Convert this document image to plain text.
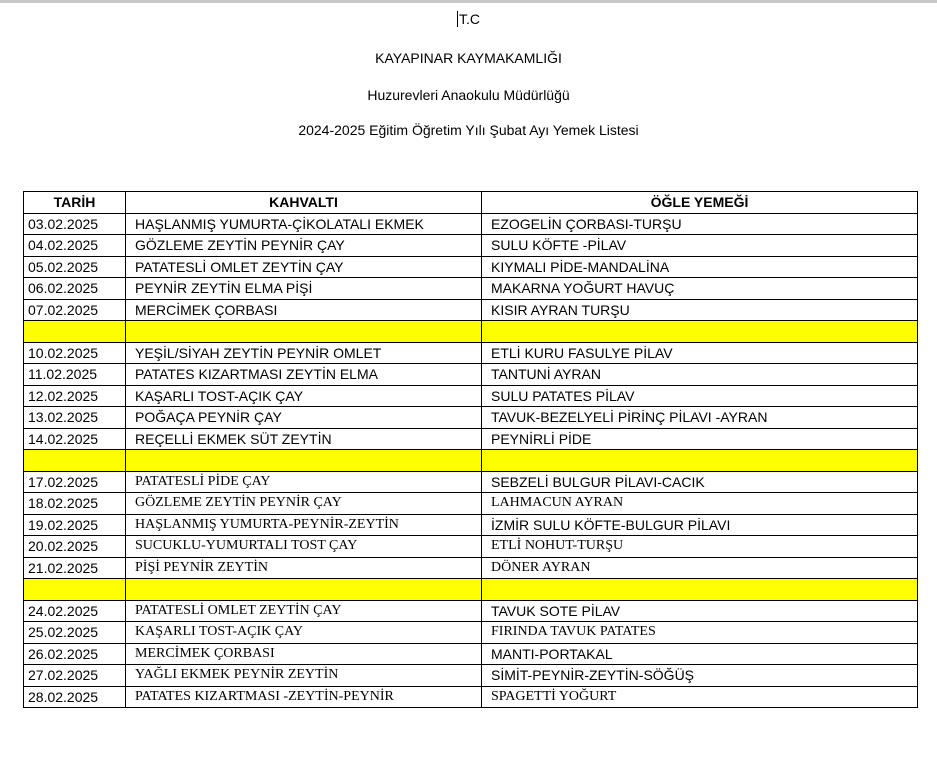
T.C
KAYAPINAR KAYMAKAMLIĞI
Huzurevleri Anaokulu Müdürlüğü
2024-2025 Eğitim Öğretim Yılı Şubat Ayı Yemek Listesi
TARİH	KAHVALTI	ÖĞLE YEMEĞİ
03.02.2025	HAŞLANMIŞ YUMURTA-ÇİKOLATALI EKMEK	EZOGELİN ÇORBASI-TURŞU
04.02.2025	GÖZLEME ZEYTİN PEYNİR ÇAY	SULU KÖFTE -PİLAV
05.02.2025	PATATESLİ OMLET ZEYTİN ÇAY	KIYMALI PİDE-MANDALİNA
06.02.2025	PEYNİR ZEYTİN ELMA PİŞİ	MAKARNA YOĞURT HAVUÇ
07.02.2025	MERCİMEK ÇORBASI	KISIR AYRAN TURŞU

10.02.2025	YEŞİL/SİYAH ZEYTİN PEYNİR OMLET	ETLİ KURU FASULYE PİLAV
11.02.2025	PATATES KIZARTMASI ZEYTİN ELMA	TANTUNİ AYRAN
12.02.2025	KAŞARLI TOST-AÇIK ÇAY	SULU PATATES PİLAV
13.02.2025	POĞAÇA PEYNİR ÇAY	TAVUK-BEZELYELİ PİRİNÇ PİLAVI -AYRAN
14.02.2025	REÇELLİ EKMEK SÜT ZEYTİN	PEYNİRLİ PİDE

17.02.2025	PATATESLİ PİDE ÇAY	SEBZELİ BULGUR PİLAVI-CACIK
18.02.2025	GÖZLEME ZEYTİN PEYNİR ÇAY	LAHMACUN AYRAN
19.02.2025	HAŞLANMIŞ YUMURTA-PEYNİR-ZEYTİN	İZMİR SULU KÖFTE-BULGUR PİLAVI
20.02.2025	SUCUKLU-YUMURTALI TOST ÇAY	ETLİ NOHUT-TURŞU
21.02.2025	PİŞİ PEYNİR ZEYTİN	DÖNER AYRAN

24.02.2025	PATATESLİ OMLET ZEYTİN ÇAY	TAVUK SOTE PİLAV
25.02.2025	KAŞARLI TOST-AÇIK ÇAY	FIRINDA TAVUK PATATES
26.02.2025	MERCİMEK ÇORBASI	MANTI-PORTAKAL
27.02.2025	YAĞLI EKMEK PEYNİR ZEYTİN	SİMİT-PEYNİR-ZEYTİN-SÖĞÜŞ
28.02.2025	PATATES KIZARTMASI -ZEYTİN-PEYNİR	SPAGETTİ YOĞURT
